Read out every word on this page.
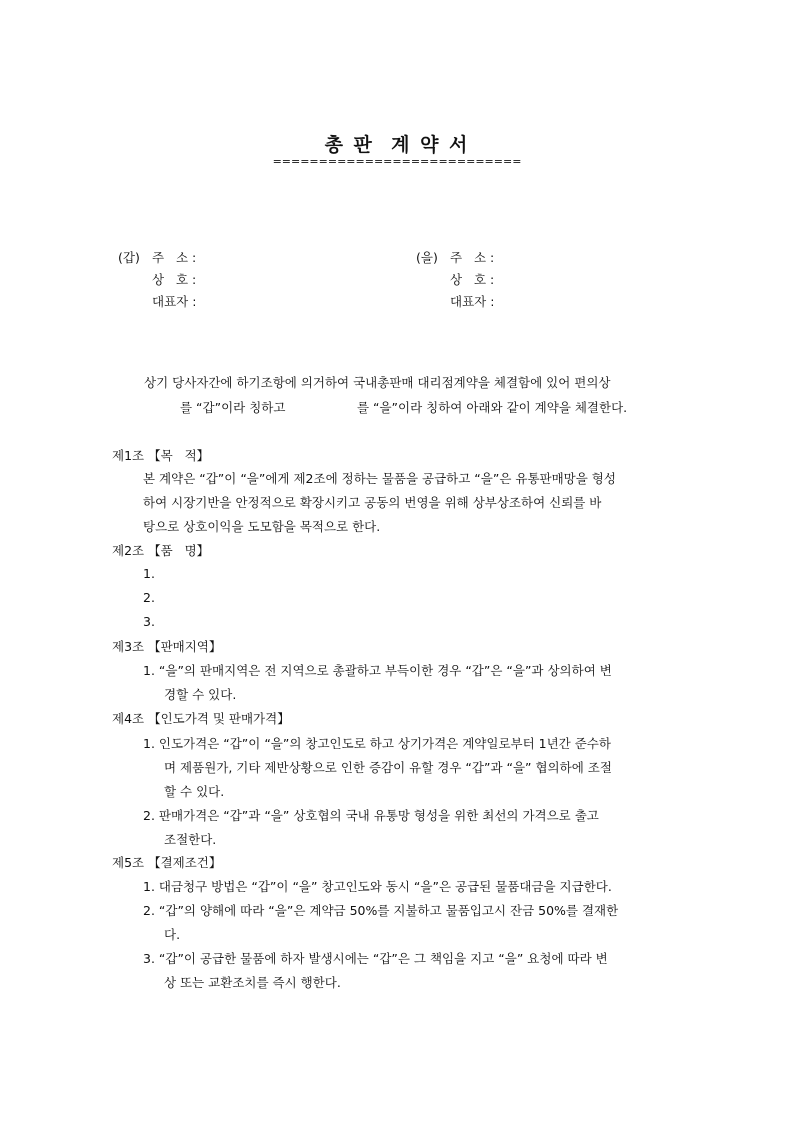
총 판  계 약 서
===========================
(갑) 주   소 :
상   호 :
대표자 :
(을) 주   소 :
상   호 :
대표자 :
상기 당사자간에 하기조항에 의거하여 국내총판매 대리점계약을 체결함에 있어 편의상
를 “갑”이라 칭하고                  를 “을”이라 칭하여 아래와 같이 계약을 체결한다.
제1조 【목   적】
본 계약은 “갑”이 “을”에게 제2조에 정하는 물품을 공급하고 “을”은 유통판매망을 형성
하여 시장기반을 안정적으로 확장시키고 공동의 번영을 위해 상부상조하여 신뢰를 바
탕으로 상호이익을 도모함을 목적으로 한다.
제2조 【품   명】
1.
2.
3.
제3조 【판매지역】
1. “을”의 판매지역은 전 지역으로 총괄하고 부득이한 경우 “갑”은 “을”과 상의하여 변
경할 수 있다.
제4조 【인도가격 및 판매가격】
1. 인도가격은 “갑”이 “을”의 창고인도로 하고 상기가격은 계약일로부터 1년간 준수하
며 제품원가, 기타 제반상황으로 인한 증감이 유할 경우 “갑”과 “을” 협의하에 조절
할 수 있다.
2. 판매가격은 “갑”과 “을” 상호협의 국내 유통망 형성을 위한 최선의 가격으로 출고
조절한다.
제5조 【결제조건】
1. 대금청구 방법은 “갑”이 “을” 창고인도와 동시 “을”은 공급된 물품대금을 지급한다.
2. “갑”의 양해에 따라 “을”은 계약금 50%를 지불하고 물품입고시 잔금 50%를 결재한
다.
3. “갑”이 공급한 물품에 하자 발생시에는 “갑”은 그 책임을 지고 “을” 요청에 따라 변
상 또는 교환조치를 즉시 행한다.
